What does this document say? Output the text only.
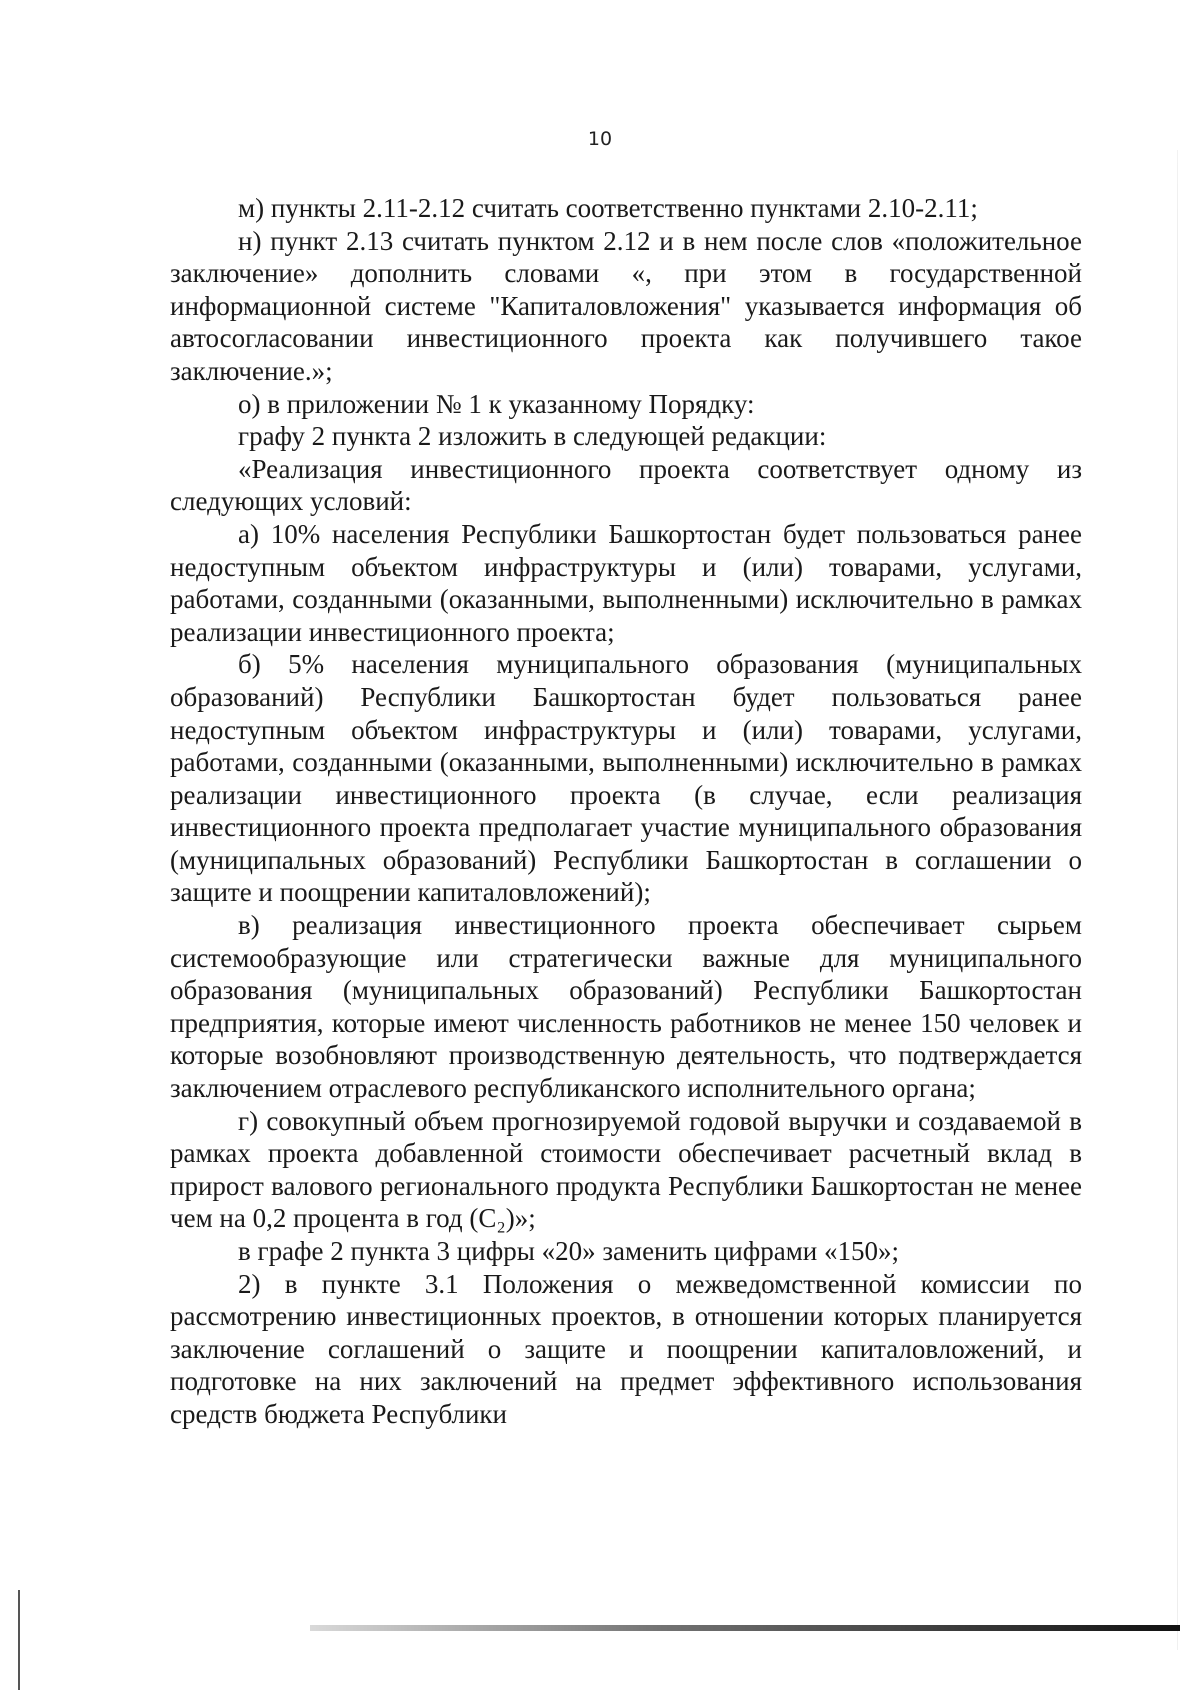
10

м) пункты 2.11-2.12 считать соответственно пунктами 2.10-2.11;

н) пункт 2.13 считать пунктом 2.12 и в нем после слов «положительное заключение» дополнить словами «, при этом в государственной информационной системе "Капиталовложения" указывается информация об автосогласовании инвестиционного проекта как получившего такое заключение.»;

о) в приложении № 1 к указанному Порядку:

графу 2 пункта 2 изложить в следующей редакции:

«Реализация инвестиционного проекта соответствует одному из следующих условий:

а) 10% населения Республики Башкортостан будет пользоваться ранее недоступным объектом инфраструктуры и (или) товарами, услугами, работами, созданными (оказанными, выполненными) исключительно в рамках реализации инвестиционного проекта;

б) 5% населения муниципального образования (муниципальных образований) Республики Башкортостан будет пользоваться ранее недоступным объектом инфраструктуры и (или) товарами, услугами, работами, созданными (оказанными, выполненными) исключительно в рамках реализации инвестиционного проекта (в случае, если реализация инвестиционного проекта предполагает участие муниципального образования (муниципальных образований) Республики Башкортостан в соглашении о защите и поощрении капиталовложений);

в) реализация инвестиционного проекта обеспечивает сырьем системообразующие или стратегически важные для муниципального образования (муниципальных образований) Республики Башкортостан предприятия, которые имеют численность работников не менее 150 человек и которые возобновляют производственную деятельность, что подтверждается заключением отраслевого республиканского исполнительного органа;

г) совокупный объем прогнозируемой годовой выручки и создаваемой в рамках проекта добавленной стоимости обеспечивает расчетный вклад в прирост валового регионального продукта Республики Башкортостан не менее чем на 0,2 процента в год (C₂)»;

в графе 2 пункта 3 цифры «20» заменить цифрами «150»;

2) в пункте 3.1 Положения о межведомственной комиссии по рассмотрению инвестиционных проектов, в отношении которых планируется заключение соглашений о защите и поощрении капиталовложений, и подготовке на них заключений на предмет эффективного использования средств бюджета Республики
